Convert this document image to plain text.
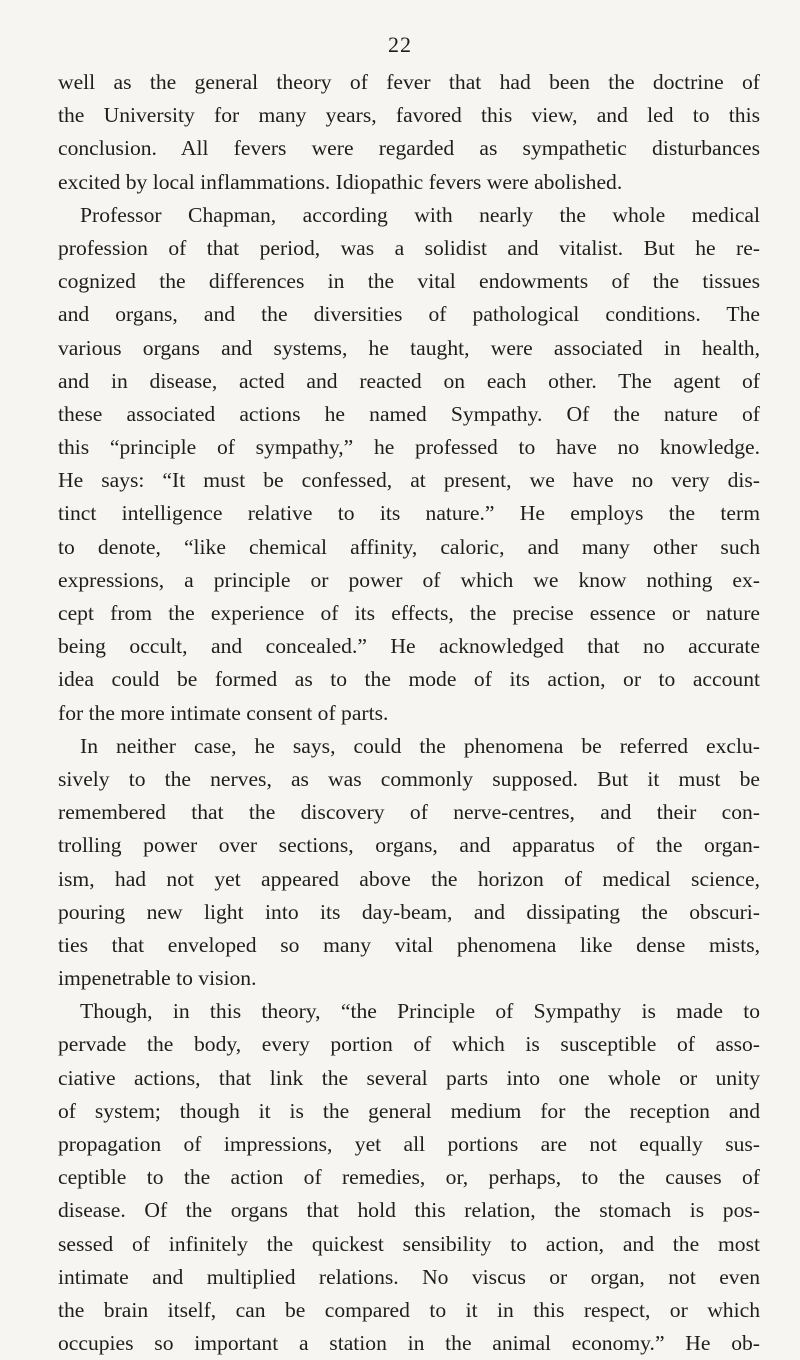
22
well as the general theory of fever that had been the doctrine of
the University for many years, favored this view, and led to this
conclusion. All fevers were regarded as sympathetic disturbances
excited by local inflammations. Idiopathic fevers were abolished.
Professor Chapman, according with nearly the whole medical
profession of that period, was a solidist and vitalist. But he re-
cognized the differences in the vital endowments of the tissues
and organs, and the diversities of pathological conditions. The
various organs and systems, he taught, were associated in health,
and in disease, acted and reacted on each other. The agent of
these associated actions he named Sympathy. Of the nature of
this “principle of sympathy,” he professed to have no knowledge.
He says: “It must be confessed, at present, we have no very dis-
tinct intelligence relative to its nature.” He employs the term
to denote, “like chemical affinity, caloric, and many other such
expressions, a principle or power of which we know nothing ex-
cept from the experience of its effects, the precise essence or nature
being occult, and concealed.” He acknowledged that no accurate
idea could be formed as to the mode of its action, or to account
for the more intimate consent of parts.
In neither case, he says, could the phenomena be referred exclu-
sively to the nerves, as was commonly supposed. But it must be
remembered that the discovery of nerve-centres, and their con-
trolling power over sections, organs, and apparatus of the organ-
ism, had not yet appeared above the horizon of medical science,
pouring new light into its day-beam, and dissipating the obscuri-
ties that enveloped so many vital phenomena like dense mists,
impenetrable to vision.
Though, in this theory, “the Principle of Sympathy is made to
pervade the body, every portion of which is susceptible of asso-
ciative actions, that link the several parts into one whole or unity
of system; though it is the general medium for the reception and
propagation of impressions, yet all portions are not equally sus-
ceptible to the action of remedies, or, perhaps, to the causes of
disease. Of the organs that hold this relation, the stomach is pos-
sessed of infinitely the quickest sensibility to action, and the most
intimate and multiplied relations. No viscus or organ, not even
the brain itself, can be compared to it in this respect, or which
occupies so important a station in the animal economy.” He ob-
